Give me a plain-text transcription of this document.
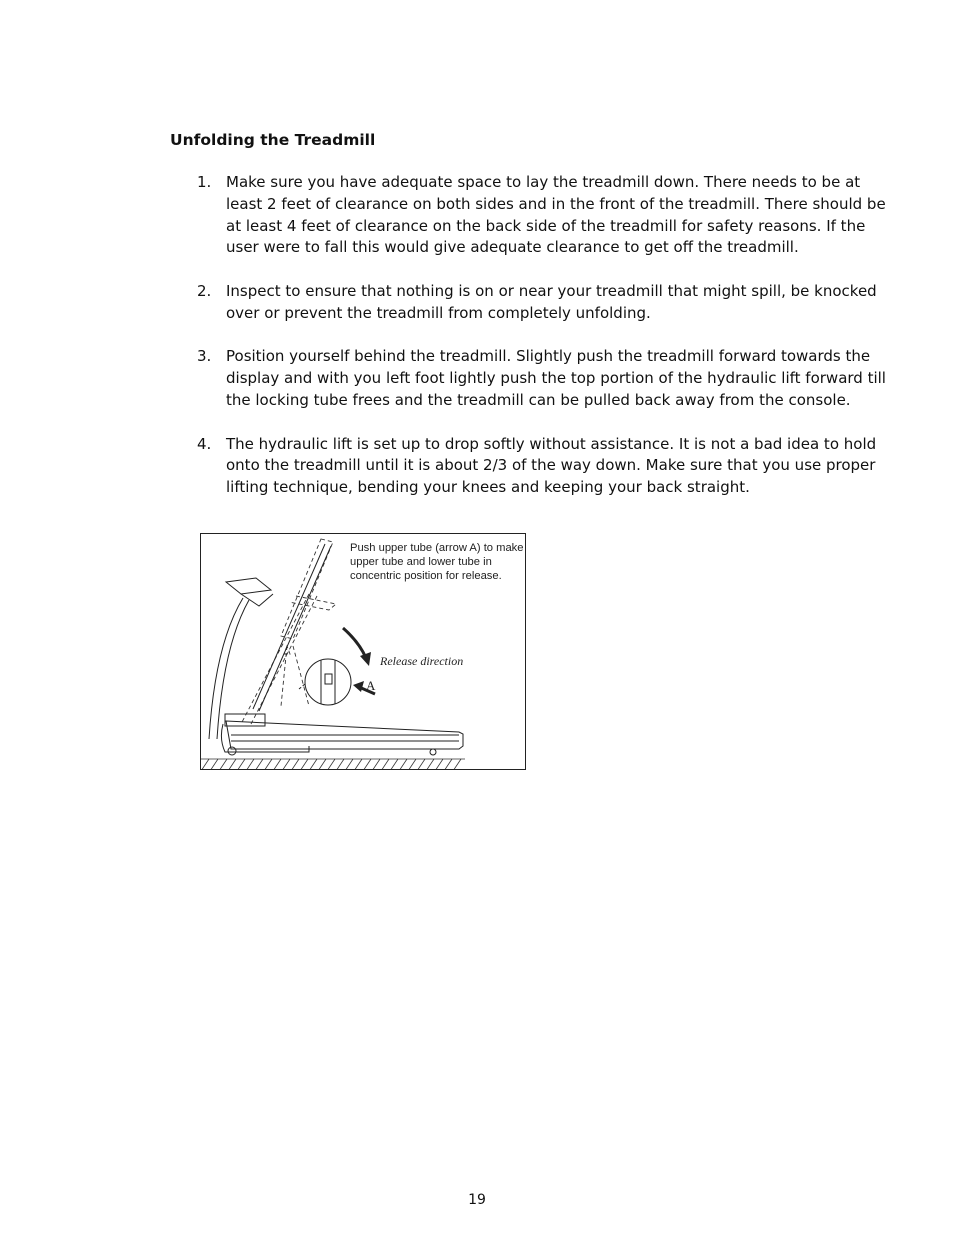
Unfolding the Treadmill
1. Make sure you have adequate space to lay the treadmill down. There needs to be at least 2 feet of clearance on both sides and in the front of the treadmill. There should be at least 4 feet of clearance on the back side of the treadmill for safety reasons. If the user were to fall this would give adequate clearance to get off the treadmill.
2. Inspect to ensure that nothing is on or near your treadmill that might spill, be knocked over or prevent the treadmill from completely unfolding.
3. Position yourself behind the treadmill. Slightly push the treadmill forward towards the display and with you left foot lightly push the top portion of the hydraulic lift forward till the locking tube frees and the treadmill can be pulled back away from the console.
4. The hydraulic lift is set up to drop softly without assistance. It is not a bad idea to hold onto the treadmill until it is about 2/3 of the way down. Make sure that you use proper lifting technique, bending your knees and keeping your back straight.

Push upper tube (arrow A) to make upper tube and lower tube in concentric position for release.

Release direction

A

19
